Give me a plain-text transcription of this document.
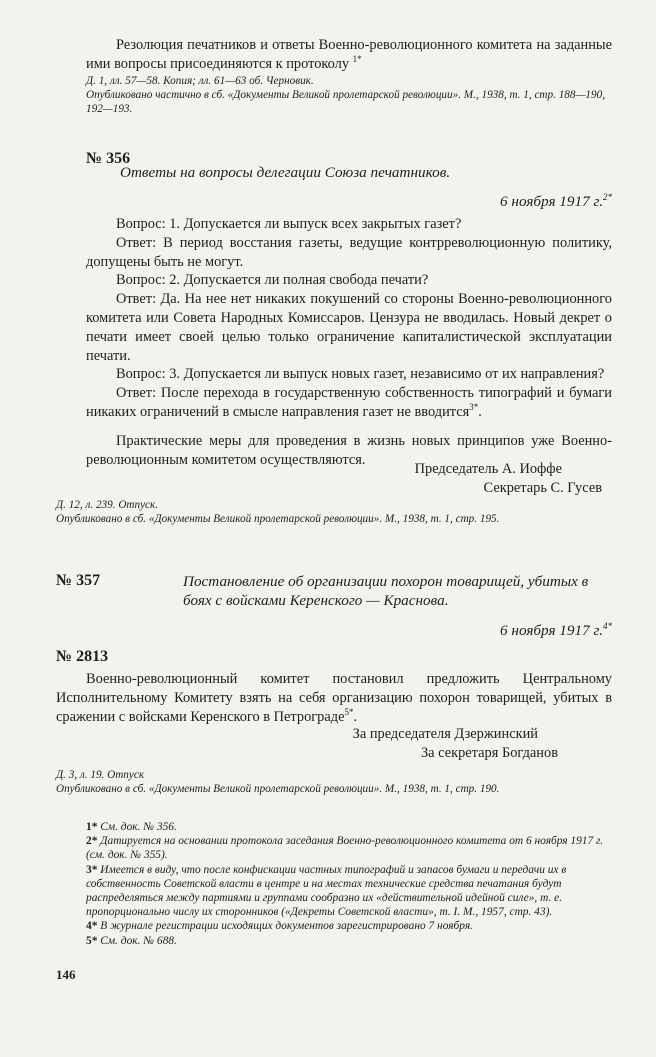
Резолюция печатников и ответы Военно-революционного комитета на заданные ими вопросы присоединяются к протоколу $^{1*}$

Д. 1, лл. 57—58. Копия; лл. 61—63 об. Черновик.

Опубликовано частично в сб. «Документы Великой пролетарской революции». М., 1938, т. 1, стр. 188—190, 192—193.

№ 356

Ответы на вопросы делегации Союза печатников.

6 ноября 1917 г.$^{2*}$

Вопрос: 1. Допускается ли выпуск всех закрытых газет?

Ответ: В период восстания газеты, ведущие контрреволюционную политику, допущены быть не могут.

Вопрос: 2. Допускается ли полная свобода печати?

Ответ: Да. На нее нет никаких покушений со стороны Военно-революционного комитета или Совета Народных Комиссаров. Цензура не вводилась. Новый декрет о печати имеет своей целью только ограничение капиталистической эксплуатации печати.

Вопрос: 3. Допускается ли выпуск новых газет, независимо от их направления?

Ответ: После перехода в государственную собственность типографий и бумаги никаких ограничений в смысле направления газет не вводится$^{3*}$.

Практические меры для проведения в жизнь новых принципов уже Военно-революционным комитетом осуществляются.

Председатель А. Иоффе

Секретарь С. Гусев

Д. 12, л. 239. Отпуск.

Опубликовано в сб. «Документы Великой пролетарской революции». М., 1938, т. 1, стр. 195.

№ 357	Постановление об организации похорон товарищей, убитых в боях с войсками Керенского — Краснова.

6 ноября 1917 г.$^{4*}$

№ 2813

Военно-революционный комитет постановил предложить Центральному Исполнительному Комитету взять на себя организацию похорон товарищей, убитых в сражении с войсками Керенского в Петрограде$^{5*}$.

За председателя Дзержинский

За секретаря Богданов

Д. 3, л. 19. Отпуск

Опубликовано в сб. «Документы Великой пролетарской революции». М., 1938, т. 1, стр. 190.

1* См. док. № 356.

2* Датируется на основании протокола заседания Военно-революционного комитета от 6 ноября 1917 г. (см. док. № 355).

3* Имеется в виду, что после конфискации частных типографий и запасов бумаги и передачи их в собственность Советской власти в центре и на местах технические средства печатания будут распределяться между партиями и группами сообразно их «действительной идейной силе», т. е. пропорционально числу их сторонников («Декреты Советской власти», т. I. М., 1957, стр. 43).

4* В журнале регистрации исходящих документов зарегистрировано 7 ноября.

5* См. док. № 688.

146
